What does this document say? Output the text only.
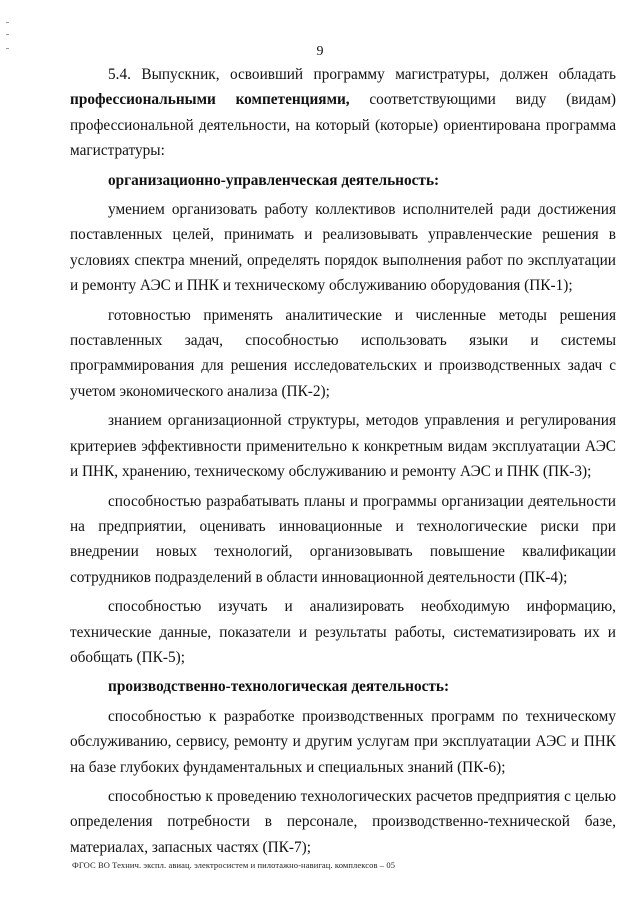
9

5.4. Выпускник, освоивший программу магистратуры, должен обладать профессиональными компетенциями, соответствующими виду (видам) профессиональной деятельности, на который (которые) ориентирована программа магистратуры:

организационно-управленческая деятельность:

умением организовать работу коллективов исполнителей ради достижения поставленных целей, принимать и реализовывать управленческие решения в условиях спектра мнений, определять порядок выполнения работ по эксплуатации и ремонту АЭС и ПНК и техническому обслуживанию оборудования (ПК-1);

готовностью применять аналитические и численные методы решения поставленных задач, способностью использовать языки и системы программирования для решения исследовательских и производственных задач с учетом экономического анализа (ПК-2);

знанием организационной структуры, методов управления и регулирования критериев эффективности применительно к конкретным видам эксплуатации АЭС и ПНК, хранению, техническому обслуживанию и ремонту АЭС и ПНК (ПК-3);

способностью разрабатывать планы и программы организации деятельности на предприятии, оценивать инновационные и технологические риски при внедрении новых технологий, организовывать повышение квалификации сотрудников подразделений в области инновационной деятельности (ПК-4);

способностью изучать и анализировать необходимую информацию, технические данные, показатели и результаты работы, систематизировать их и обобщать (ПК-5);

производственно-технологическая деятельность:

способностью к разработке производственных программ по техническому обслуживанию, сервису, ремонту и другим услугам при эксплуатации АЭС и ПНК на базе глубоких фундаментальных и специальных знаний (ПК-6);

способностью к проведению технологических расчетов предприятия с целью определения потребности в персонале, производственно-технической базе, материалах, запасных частях (ПК-7);

ФГОС ВО Технич. экспл. авиац. электросистем и пилотажно-навигац. комплексов – 05
